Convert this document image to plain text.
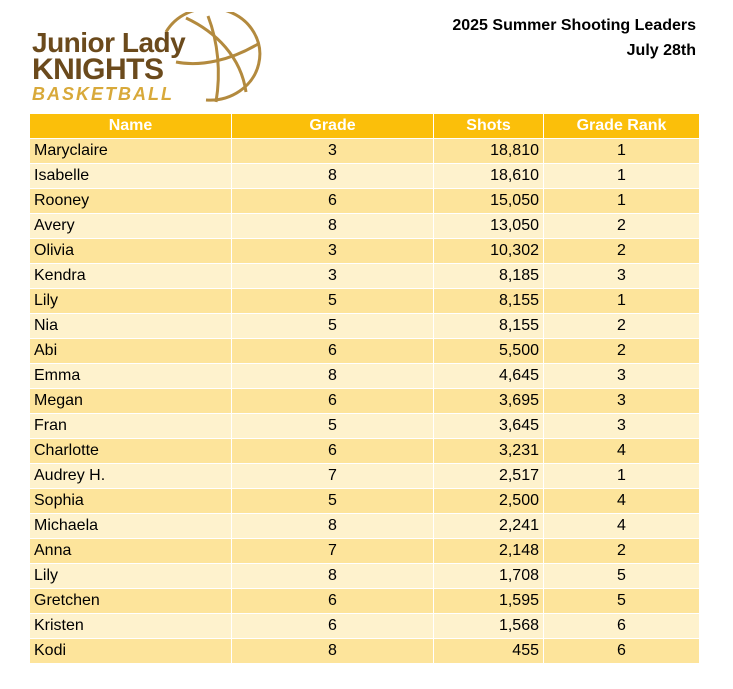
Junior Lady
KNIGHTS
BASKETBALL
2025 Summer Shooting Leaders
July 28th
Name	Grade	Shots	Grade Rank
Maryclaire	3	18,810	1
Isabelle	8	18,610	1
Rooney	6	15,050	1
Avery	8	13,050	2
Olivia	3	10,302	2
Kendra	3	8,185	3
Lily	5	8,155	1
Nia	5	8,155	2
Abi	6	5,500	2
Emma	8	4,645	3
Megan	6	3,695	3
Fran	5	3,645	3
Charlotte	6	3,231	4
Audrey H.	7	2,517	1
Sophia	5	2,500	4
Michaela	8	2,241	4
Anna	7	2,148	2
Lily	8	1,708	5
Gretchen	6	1,595	5
Kristen	6	1,568	6
Kodi	8	455	6
